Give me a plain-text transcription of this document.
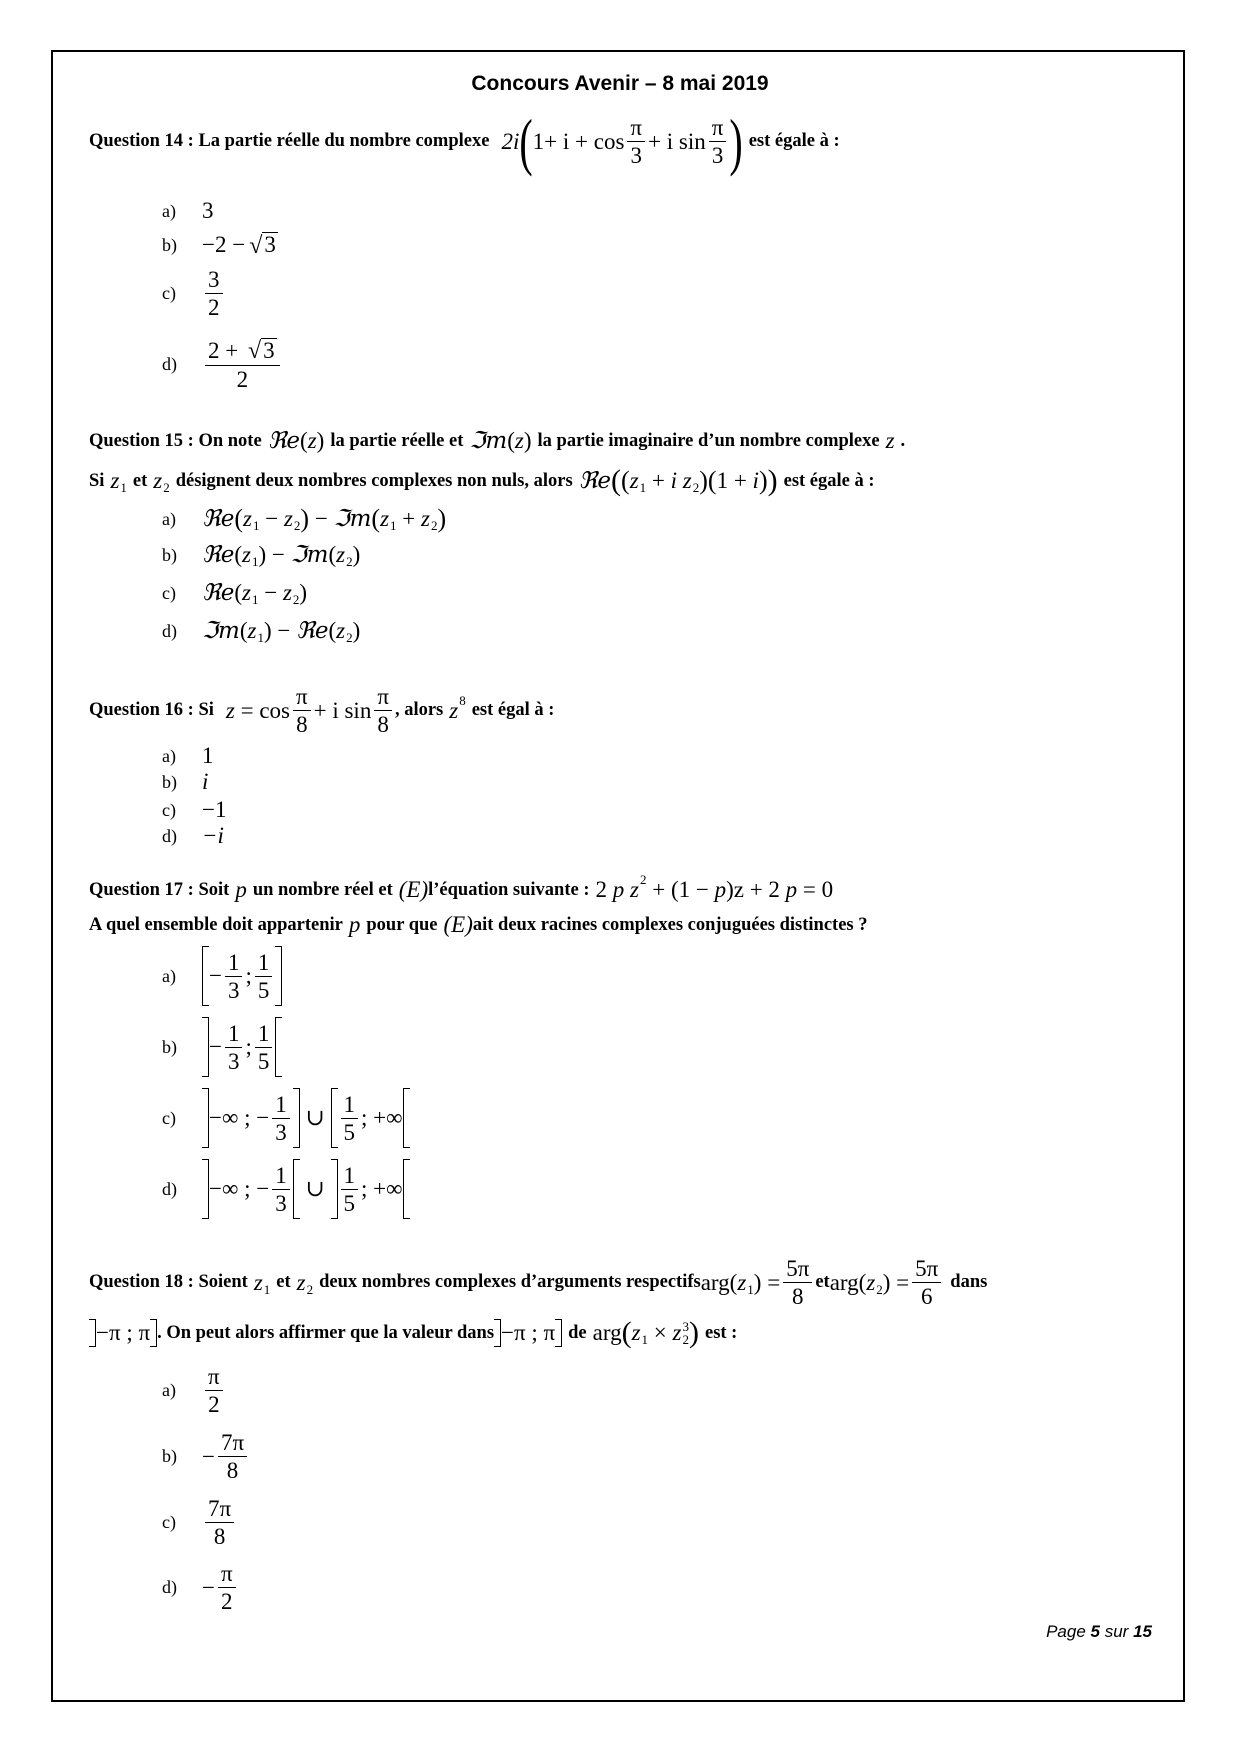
Concours Avenir – 8 mai 2019
Question 14 : La partie réelle du nombre complexe 2i ( $1+ i + \cos \frac{\pi}{3} + i$ $\sin \frac{\pi}{3}$ ) est égale à :
a)	3
b)	−2 − √ 3
c)	$\frac{3}{2}$
d)	$\frac{2 + √ 3}{2}$
Question 15 : On note ℜe ( z ) la partie réelle et ℑm ( z ) la partie imaginaire d’un nombre complexe z .
Si z 1 et z 2 désignent deux nombres complexes non nuls, alors ℜe ( ( z 1 + i
z 2 ) ( 1 + i ) ) est égale à :
a)	ℜe ( z 1 − z 2 ) − ℑm ( z 1 + z 2 )
b)	ℜe ( z 1 ) − ℑm ( z 2 )
c)	ℜe ( z 1 − z 2 )
d)	ℑm ( z 1 ) − ℜe ( z 2 )
Question 16 : Si z
= $\cos \frac{\pi}{8} + i$ $\sin \frac{\pi}{8}$ , alors z 8 est égal à :
a)	1
b)	i
c)	−1
d)	−i
Question 17 : Soit p un nombre réel et (E) l’équation suivante : 2
p
z 2
+ (1 −
p )z + 2
p
= 0
A quel ensemble doit appartenir p pour que (E) ait deux racines complexes conjuguées distinctes ?
a)	− $\frac{1}{3}$ ; $\frac{1}{5}$
b)	− $\frac{1}{3}$ ; $\frac{1}{5}$
c)	−∞ ; − $\frac{1}{3}$
∪
$\frac{1}{5}$ ; +∞
d)	−∞ ; − $\frac{1}{3}$
∪
$\frac{1}{5}$ ; +∞
Question 18 : Soient z 1 et z 2 deux nombres complexes d’arguments respectifs arg ( z 1 ) = $\frac{5\pi}{8}$ et arg ( z 2 ) = $\frac{5\pi}{6}$ dans
−π ; π . On peut alors affirmer que la valeur dans −π ; π de arg ( z 1
×
z 3
2 ) est :
a)	$\frac{\pi}{2}$
b)	− $\frac{7\pi}{8}$
c)	$\frac{7\pi}{8}$
d)	− $\frac{\pi}{2}$
Page 5 sur 15
